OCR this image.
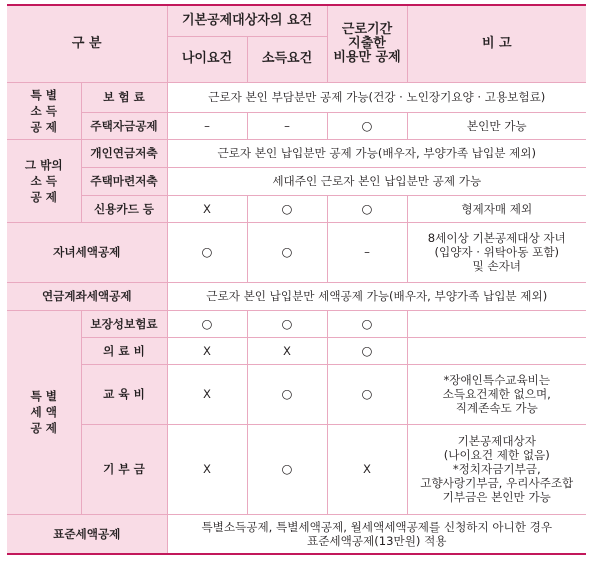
구 분		기본공제대상자의 요건		근로기간
지출한
비용만 공제	비 고
		나이요건	소득요건		

특 별
소 득
공 제	보 험 료	근로자 본인 부담분만 공제 가능(건강 · 노인장기요양 · 고용보험료)			
	주택자금공제	–	–	○	본인만 가능

그 밖의
소 득
공 제	개인연금저축	근로자 본인 납입분만 공제 가능(배우자, 부양가족 납입분 제외)			
	주택마련저축	세대주인 근로자 본인 납입분만 공제 가능			
	신용카드 등	X	○	○	형제자매 제외
자녀세액공제		○	○	–	8세이상 기본공제대상 자녀
(입양자 · 위탁아동 포함)
및 손자녀

연금계좌세액공제		근로자 본인 납입분만 세액공제 가능(배우자, 부양가족 납입분 제외)			

특 별
세 액
공 제	보장성보험료	○	○	○	
	의 료 비	X	X	○	
	교 육 비	X	○	○	*장애인특수교육비는
소득요건제한 없으며,
직계존속도 가능

	기 부 금	X	○	X	기본공제대상자
(나이요건 제한 없음)
*정치자금기부금,
고향사랑기부금, 우리사주조합
기부금은 본인만 가능

표준세액공제		특별소득공제, 특별세액공제, 월세액세액공제를 신청하지 아니한 경우
표준세액공제(13만원) 적용			
